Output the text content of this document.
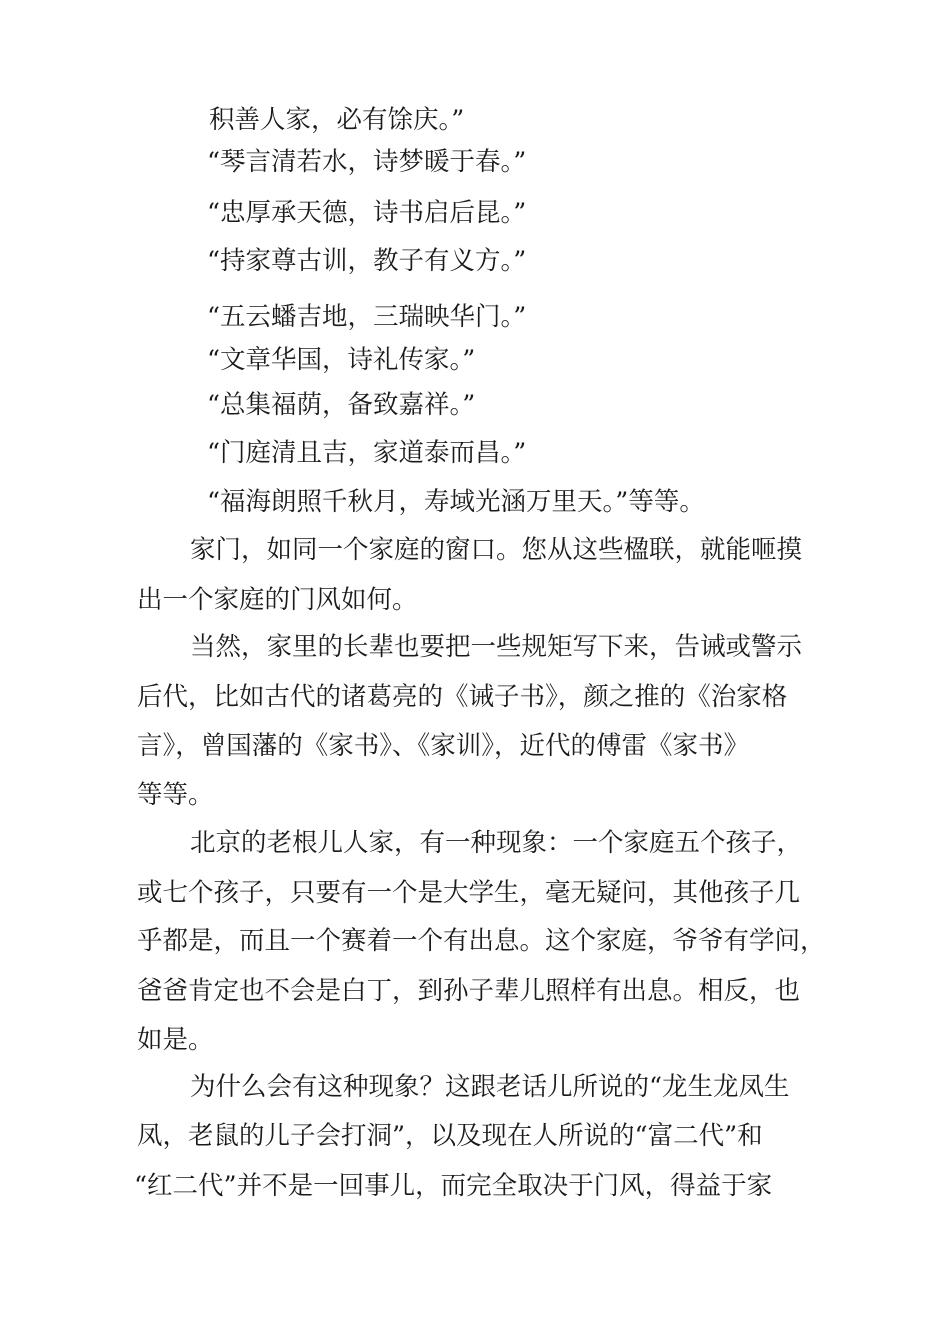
积善人家，必有馀庆。”
“琴言清若水，诗梦暖于春。”
“忠厚承天德，诗书启后昆。”
“持家尊古训，教子有义方。”
“五云蟠吉地，三瑞映华门。”
“文章华国，诗礼传家。”
“总集福荫，备致嘉祥。”
“门庭清且吉，家道泰而昌。”
“福海朗照千秋月，寿域光涵万里天。”等等。
家门，如同一个家庭的窗口。您从这些楹联，就能咂摸
出一个家庭的门风如何。
当然，家里的长辈也要把一些规矩写下来，告诫或警示
后代，比如古代的诸葛亮的《诫子书》，颜之推的《治家格
言》，曾国藩的《家书》、《家训》，近代的傅雷《家书》
等等。
北京的老根儿人家，有一种现象：一个家庭五个孩子，
或七个孩子，只要有一个是大学生，毫无疑问，其他孩子几
乎都是，而且一个赛着一个有出息。这个家庭，爷爷有学问，
爸爸肯定也不会是白丁，到孙子辈儿照样有出息。相反，也
如是。
为什么会有这种现象？这跟老话儿所说的“龙生龙凤生
凤，老鼠的儿子会打洞”，以及现在人所说的“富二代”和
“红二代”并不是一回事儿，而完全取决于门风，得益于家
